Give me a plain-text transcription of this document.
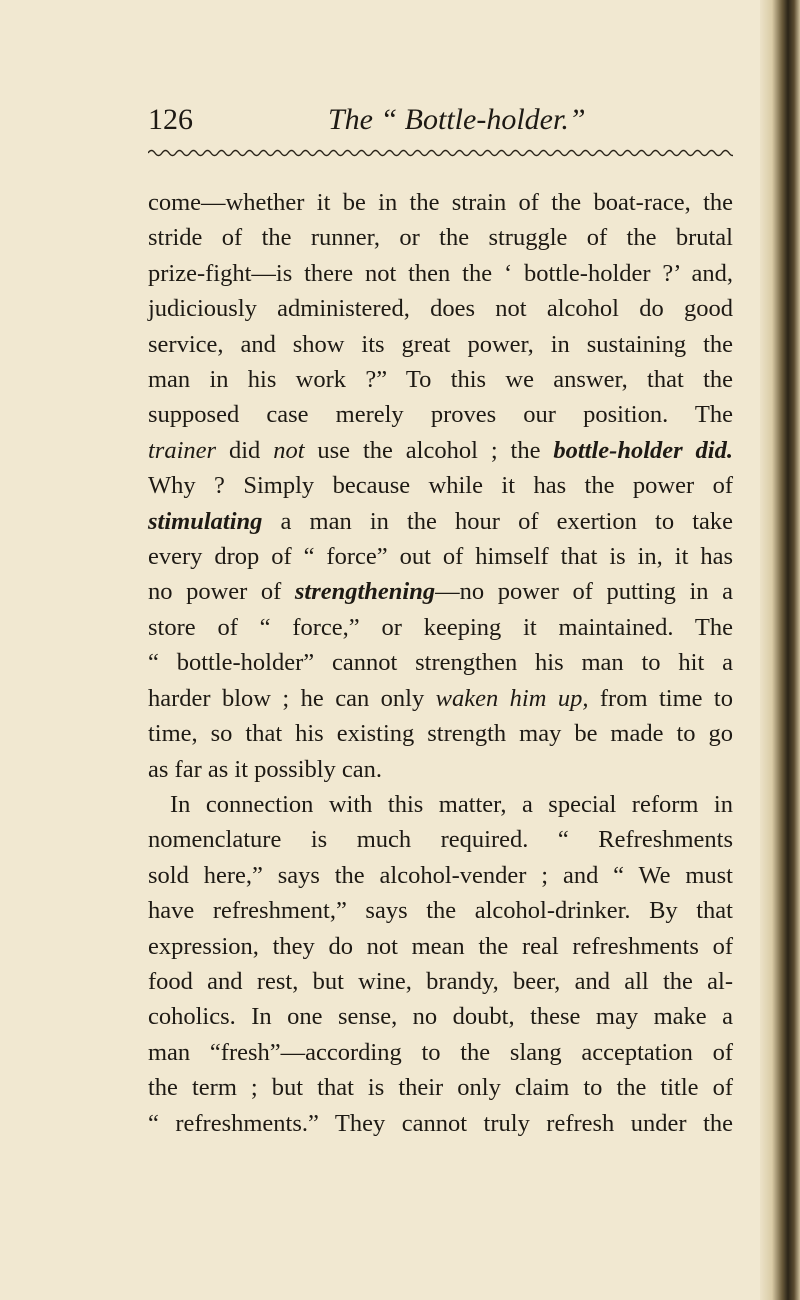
126	The “ Bottle-holder.”
come—whether it be in the strain of the boat-race, the
stride of the runner, or the struggle of the brutal
prize-fight—is there not then the ‘ bottle-holder ?’ and,
judiciously administered, does not alcohol do good
service, and show its great power, in sustaining the
man in his work ?” To this we answer, that the
supposed case merely proves our position. The
trainer did not use the alcohol ; the bottle-holder did.
Why ? Simply because while it has the power of
stimulating a man in the hour of exertion to take
every drop of “ force” out of himself that is in, it has
no power of strengthening—no power of putting in a
store of “ force,” or keeping it maintained. The
“ bottle-holder” cannot strengthen his man to hit a
harder blow ; he can only waken him up, from time to
time, so that his existing strength may be made to go
as far as it possibly can.
In connection with this matter, a special reform in
nomenclature is much required. “ Refreshments
sold here,” says the alcohol-vender ; and “ We must
have refreshment,” says the alcohol-drinker. By that
expression, they do not mean the real refreshments of
food and rest, but wine, brandy, beer, and all the al-
coholics. In one sense, no doubt, these may make a
man “fresh”—according to the slang acceptation of
the term ; but that is their only claim to the title of
“ refreshments.” They cannot truly refresh under the
